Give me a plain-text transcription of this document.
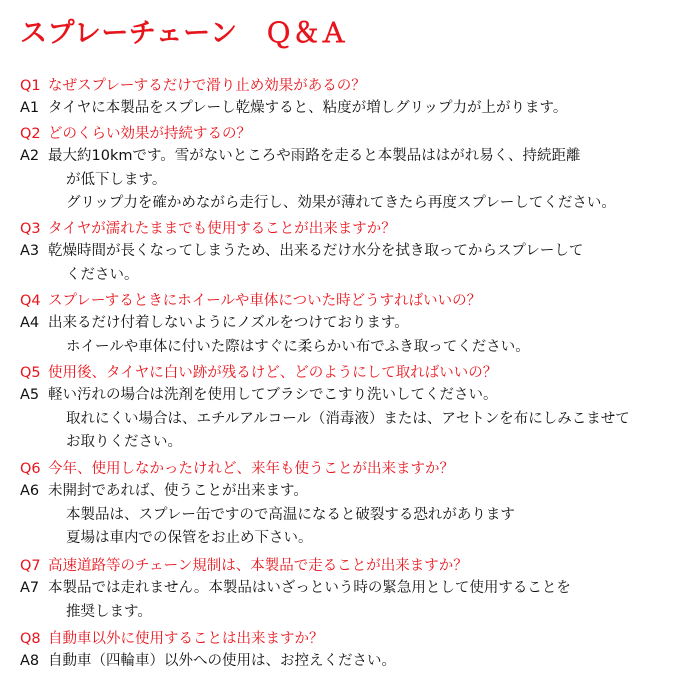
スプレーチェーン　Ｑ＆Ａ
Q1 なぜスプレーするだけで滑り止め効果があるの？
A1 タイヤに本製品をスプレーし乾燥すると、粘度が増しグリップ力が上がります。
Q2 どのくらい効果が持続するの？
A2 最大約10kmです。雪がないところや雨路を走ると本製品ははがれ易く、持続距離
が低下します。
グリップ力を確かめながら走行し、効果が薄れてきたら再度スプレーしてください。
Q3 タイヤが濡れたままでも使用することが出来ますか？
A3 乾燥時間が長くなってしまうため、出来るだけ水分を拭き取ってからスプレーして
ください。
Q4 スプレーするときにホイールや車体についた時どうすればいいの？
A4 出来るだけ付着しないようにノズルをつけております。
ホイールや車体に付いた際はすぐに柔らかい布でふき取ってください。
Q5 使用後、タイヤに白い跡が残るけど、どのようにして取ればいいの？
A5 軽い汚れの場合は洗剤を使用してブラシでこすり洗いしてください。
取れにくい場合は、エチルアルコール（消毒液）または、アセトンを布にしみこませて
お取りください。
Q6 今年、使用しなかったけれど、来年も使うことが出来ますか？
A6 未開封であれば、使うことが出来ます。
本製品は、スプレー缶ですので高温になると破裂する恐れがあります
夏場は車内での保管をお止め下さい。
Q7 高速道路等のチェーン規制は、本製品で走ることが出来ますか？
A7 本製品では走れません。本製品はいざっという時の緊急用として使用することを
推奨します。
Q8 自動車以外に使用することは出来ますか？
A8 自動車（四輪車）以外への使用は、お控えください。
